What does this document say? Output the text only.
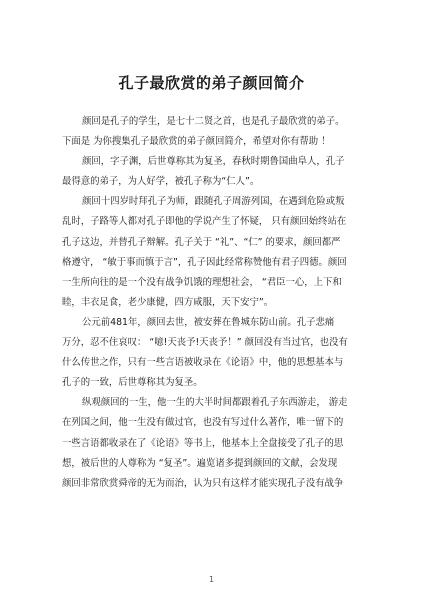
孔子最欣赏的弟子颜回简介
颜回是孔子的学生，是七十二贤之首，也是孔子最欣赏的弟子。
下面是 为你搜集孔子最欣赏的弟子颜回简介，希望对你有帮助 ！
颜回，字子渊，后世尊称其为复圣，春秋时期鲁国曲阜人，孔子
最得意的弟子，为人好学，被孔子称为“仁人”。
颜回十四岁时拜孔子为师，跟随孔子周游列国，在遇到危险或叛
乱时，子路等人都对孔子即他的学说产生了怀疑， 只有颜回始终站在
孔子这边，并替孔子辩解。孔子关于 “礼”、“仁” 的要求，颜回都严
格遵守， “敏于事而慎于言”，孔子因此经常称赞他有君子四德。颜回
一生所向往的是一个没有战争饥饿的理想社会， “君臣一心，上下和
睦，丰衣足食，老少康健，四方咸服，天下安宁”。
公元前481年，颜回去世，被安葬在鲁城东防山前。孔子悲痛
万分，忍不住哀叹： “噫!天丧予!天丧予！” 颜回没有当过官，也没有
什么传世之作，只有一些言语被收录在《论语》中，他的思想基本与
孔子的一致，后世尊称其为复圣。
纵观颜回的一生，他一生的大半时间都跟着孔子东西游走， 游走
在列国之间，他一生没有做过官，也没有写过什么著作，唯一留下的
一些言语都收录在了《论语》等书上，他基本上全盘接受了孔子的思
想，被后世的人尊称为 “复圣”。遍览诸多提到颜回的文献，会发现
颜回非常欣赏舜帝的无为而治，认为只有这样才能实现孔子没有战争
1
